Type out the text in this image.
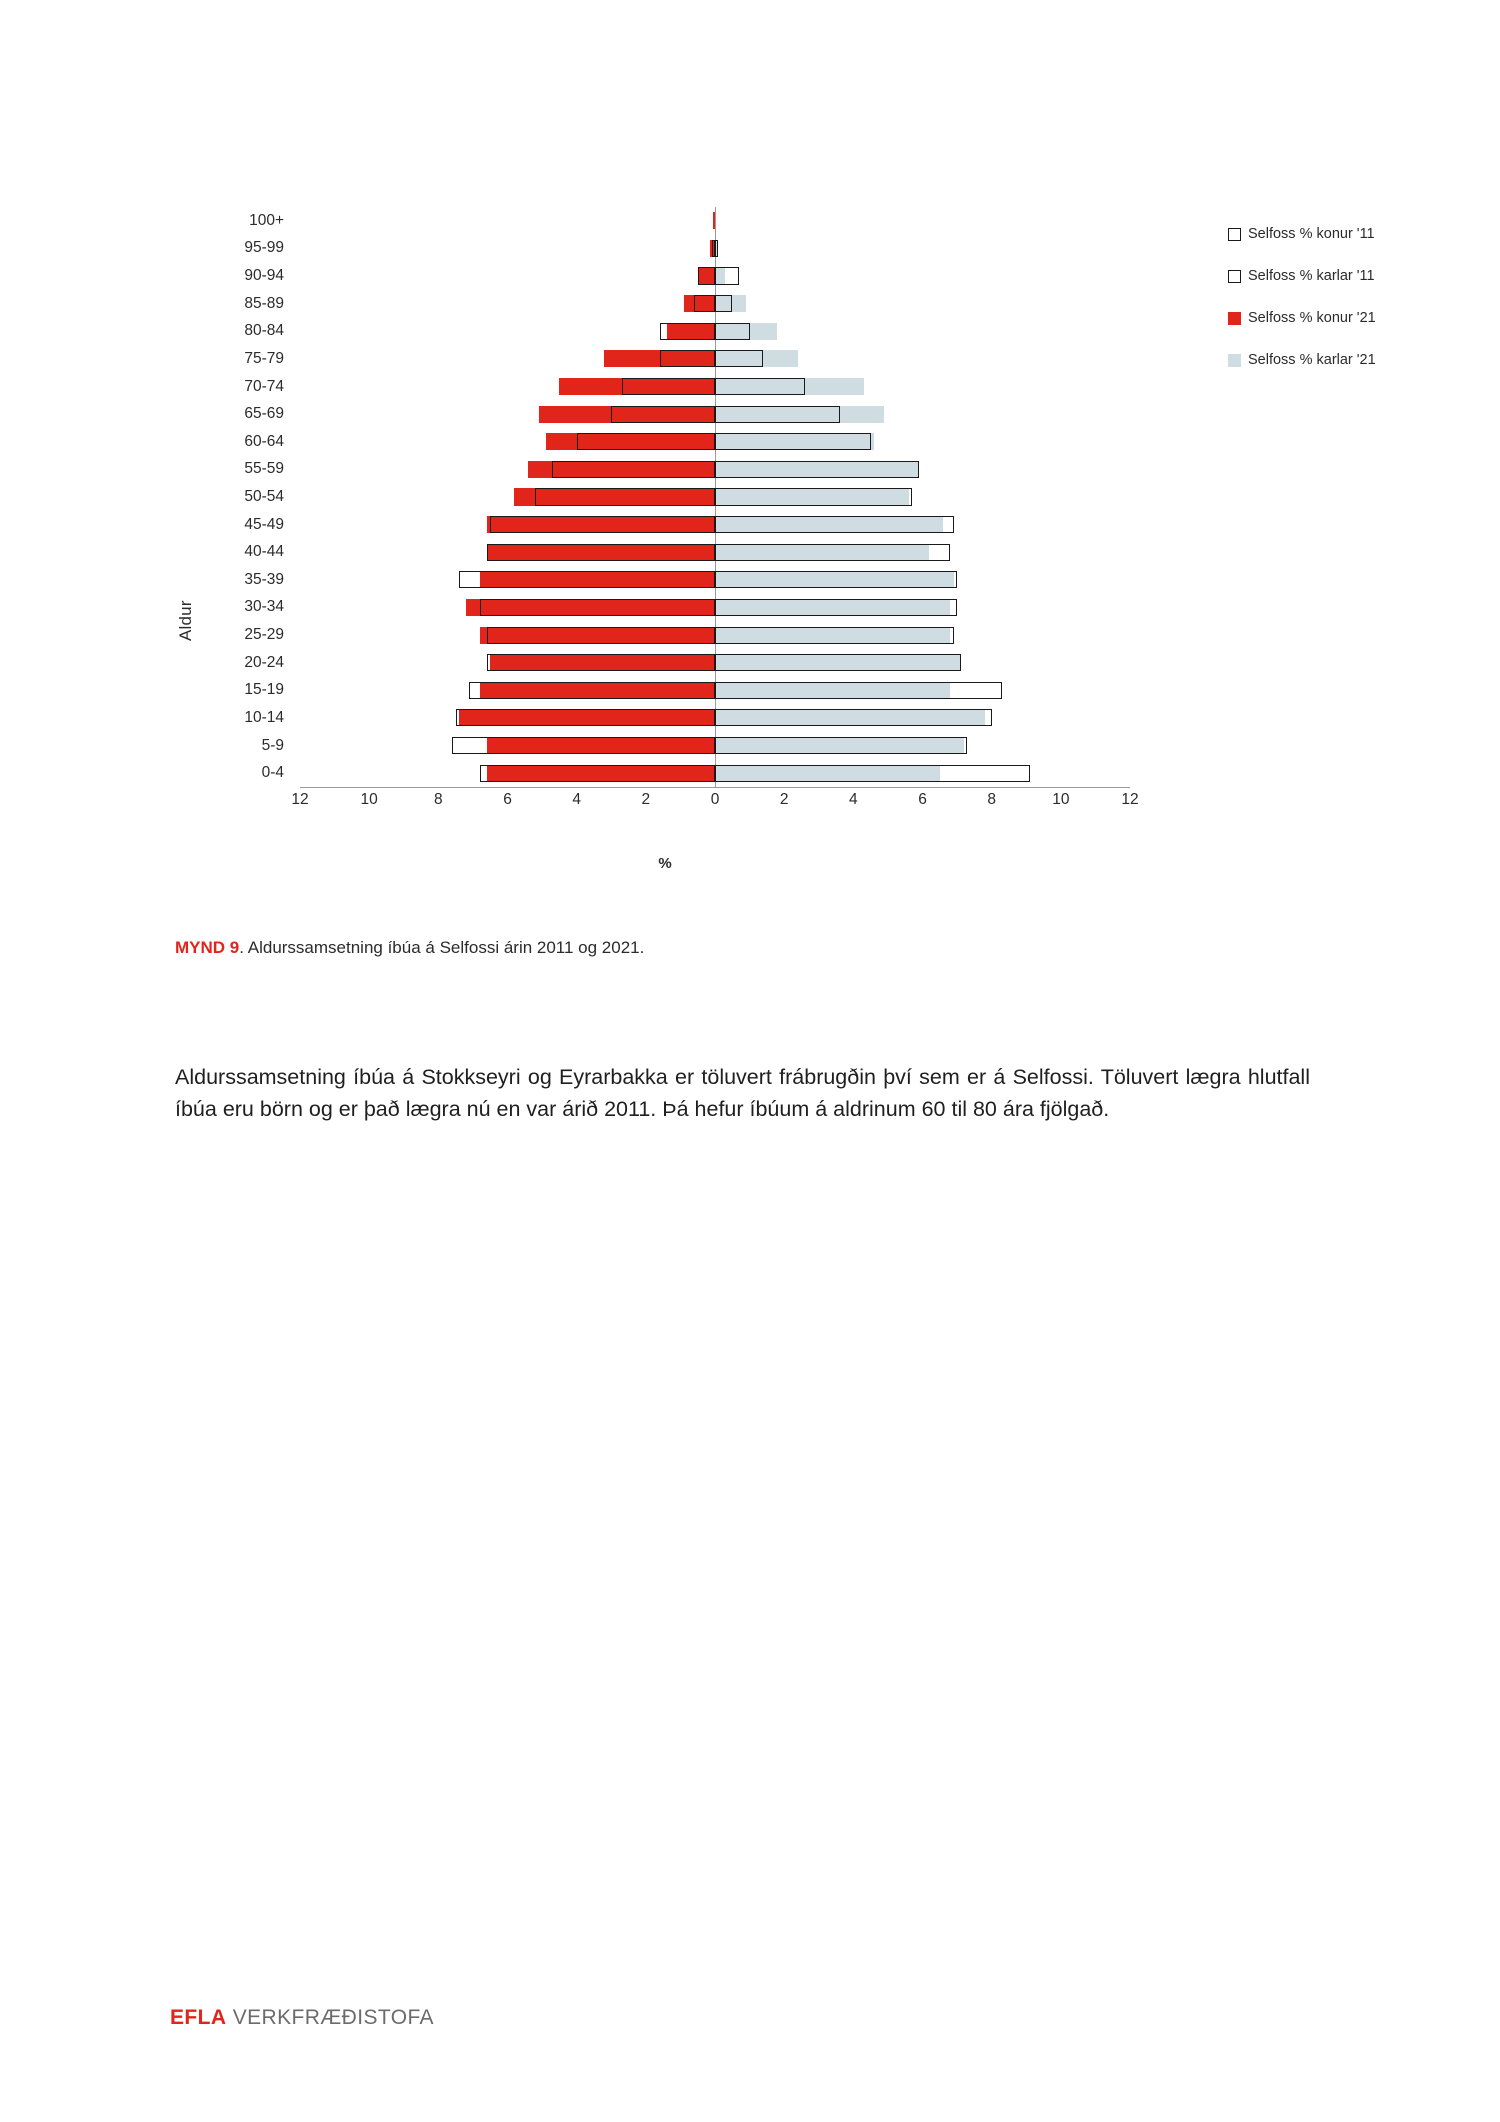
Aldur
100+
95-99
90-94
85-89
80-84
75-79
70-74
65-69
60-64
55-59
50-54
45-49
40-44
35-39
30-34
25-29
20-24
15-19
10-14
5-9
0-4
12	10	8	6	4	2	0	2	4	6	8	10	12
%
Selfoss % konur '11
Selfoss % karlar '11
Selfoss % konur '21
Selfoss % karlar '21
MYND 9. Aldurssamsetning íbúa á Selfossi árin 2011 og 2021.
Aldurssamsetning íbúa á Stokkseyri og Eyrarbakka er töluvert frábrugðin því sem er á Selfossi. Töluvert lægra hlutfall íbúa eru börn og er það lægra nú en var árið 2011. Þá hefur íbúum á aldrinum 60 til 80 ára fjölgað.
EFLA VERKFRÆÐISTOFA
